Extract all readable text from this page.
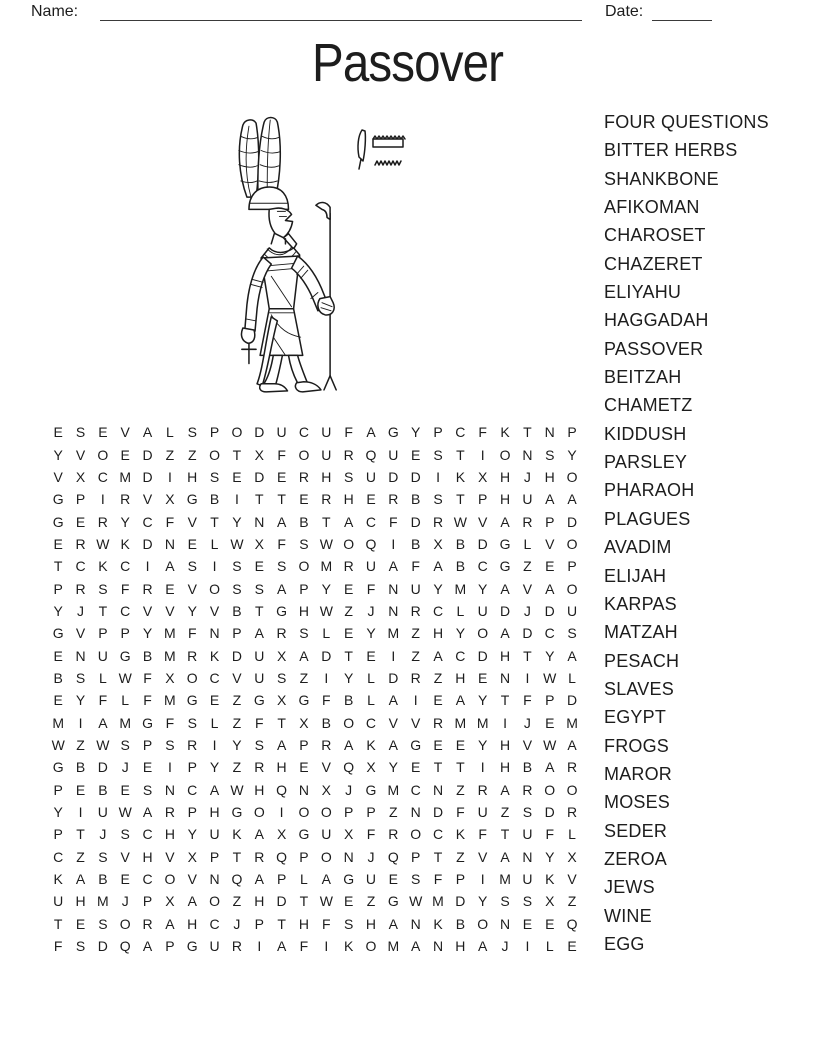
Name:	Date:
Passover
FOUR QUESTIONS
BITTER HERBS
SHANKBONE
AFIKOMAN
CHAROSET
CHAZERET
ELIYAHU
HAGGADAH
PASSOVER
BEITZAH
CHAMETZ
KIDDUSH
PARSLEY
PHARAOH
PLAGUES
AVADIM
ELIJAH
KARPAS
MATZAH
PESACH
SLAVES
EGYPT
FROGS
MAROR
MOSES
SEDER
ZEROA
JEWS
WINE
EGG
E S E V A L S P O D U C U F A G Y P C F K T N P
Y V O E D Z Z O T X F O U R Q U E S T	I	O N S Y
V X C M D	I	H S E D E R H S U D D	I	K X H J H O
G P	I	R V X G B	I	T T E R H E R B S T P H U A A
G E R Y C F V T Y N A B T A C F D R W V A R P D
E R W K D N E L W X F S W O Q	I	B X B D G L V O
T C K C	I	A S	I	S E S O M R U A F A B C G Z E P
P R S F R E V O S S A P Y E F N U Y M Y A V A O
Y	J	T C V V Y V B T G H W Z	J N R C L U D J D U
G V P P Y M F N P A R S L E Y M Z H Y O A D C S
E N U G B M R K D U X A D T E	I	Z A C D H T Y A
B S L W F X O C V U S Z	I	Y L D R Z H E N	I W L
E Y F	L	F M G E Z G X G F B L A	I	E A Y T F P D
M	I	A M G F S L	Z F T X B O C V V R M M	I	J	E M
W Z W S P S R	I	Y S A P R A K A G E E Y H V W A
G B D J	E	I	P Y Z R H E V Q X Y E T T	I	H B A R
P E B E S N C A W H Q N X	J G M C N Z R A R O O
Y	I	U W A R P H G O	I	O O P P Z N D F U Z S D R
P T	J	S C H Y U K A X G U X F R O C K F T U F	L
C Z S V H V X P T R Q P O N J Q P T Z V A N Y X
K A B E C O V N Q A P L A G U E S F P	I	M U K V
U H M J	P X A O Z H D T W E Z G W M D Y S S X Z
T E S O R A H C J	P T H F S H A N K B O N E E Q
F S D Q A P G U R	I	A F	I	K O M A N H A	J	I	L E
